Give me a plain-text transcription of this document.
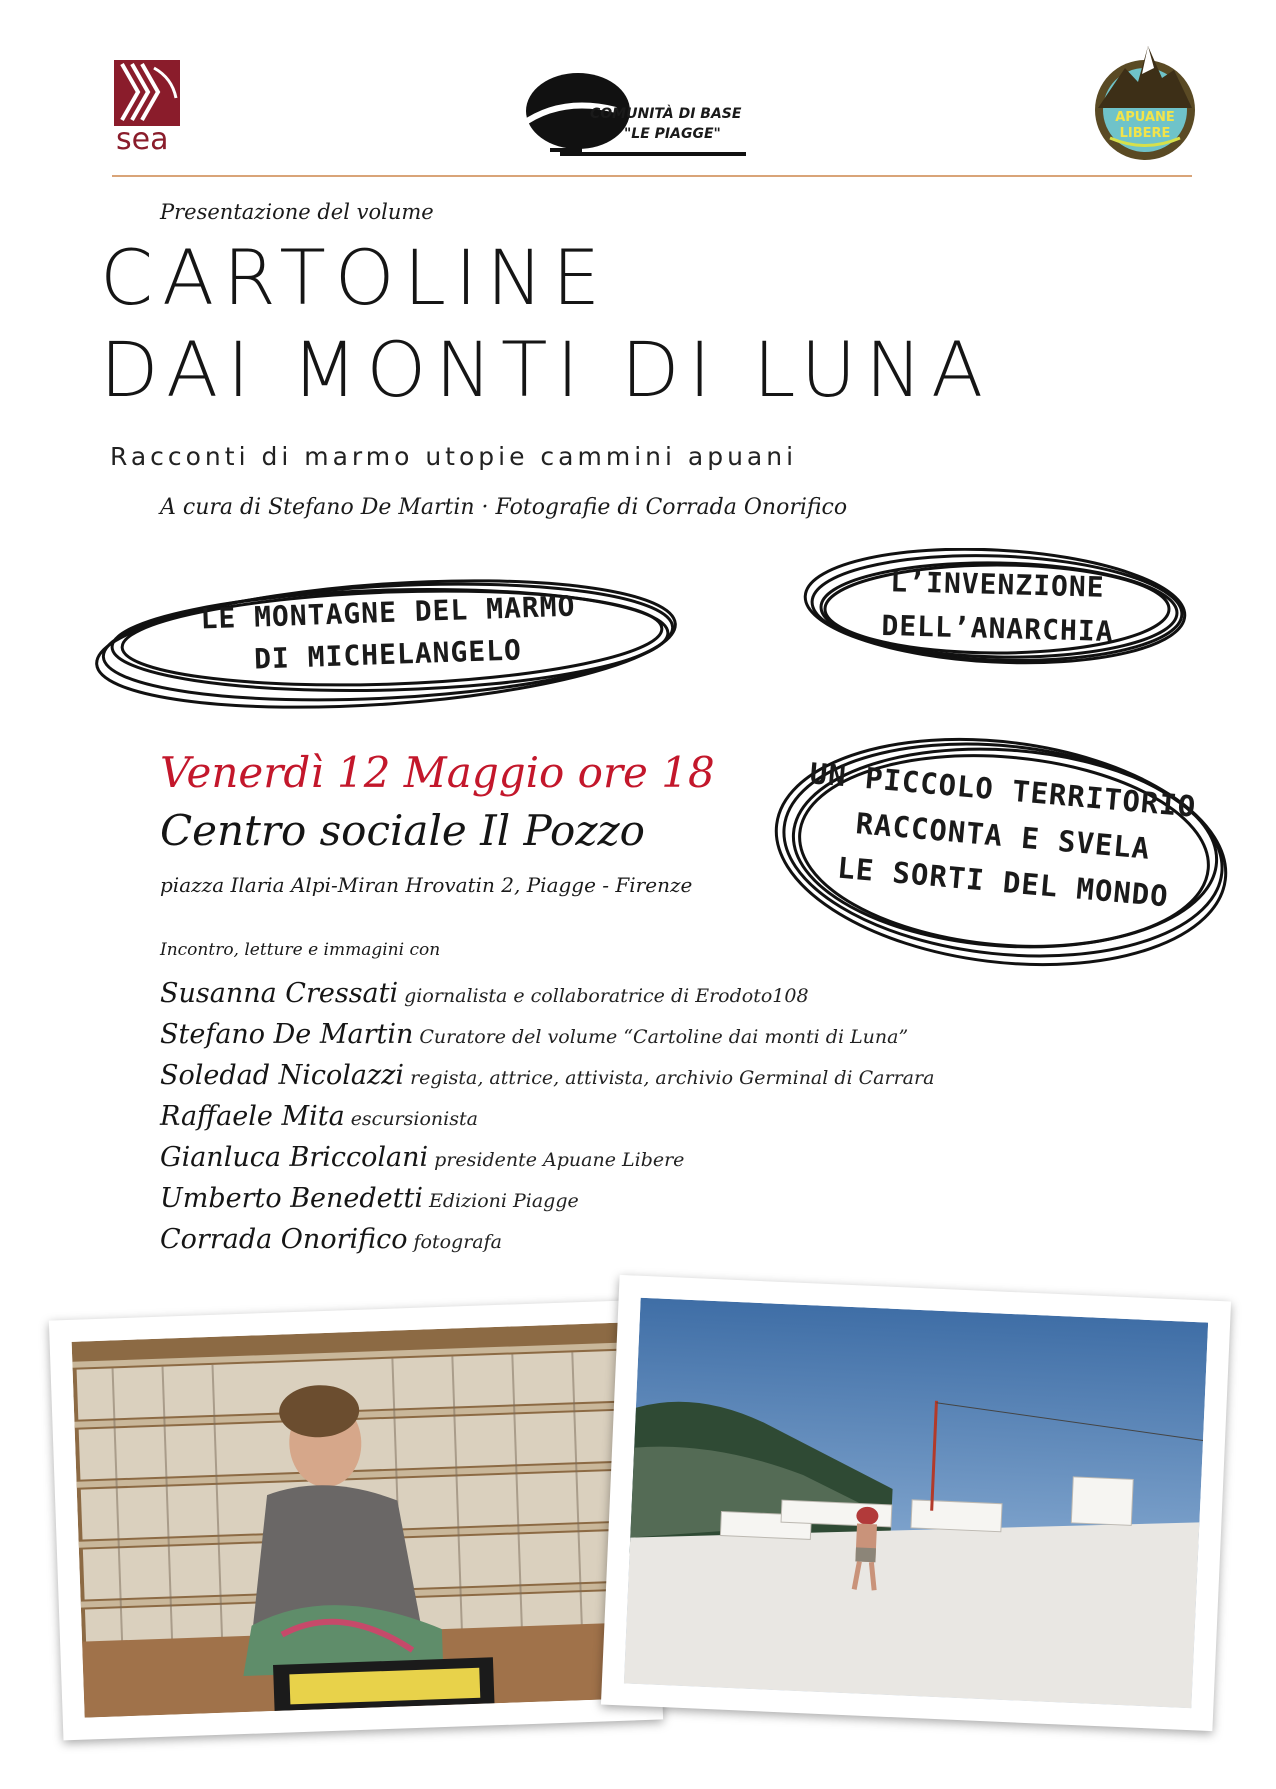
sea
COMUNITÀ DI BASE
"LE PIAGGE"
APUANE
LIBERE
Presentazione del volume
CARTOLINE
DAI MONTI DI LUNA
Racconti di marmo utopie cammini apuani
A cura di Stefano De Martin · Fotografie di Corrada Onorifico
LE MONTAGNE DEL MARMO
DI MICHELANGELO
L’INVENZIONE
DELL’ANARCHIA
UN PICCOLO TERRITORIO
RACCONTA E SVELA
LE SORTI DEL MONDO
Venerdì 12 Maggio ore 18
Centro sociale Il Pozzo
piazza Ilaria Alpi-Miran Hrovatin 2, Piagge - Firenze
Incontro, letture e immagini con
Susanna Cressati giornalista e collaboratrice di Erodoto108
Stefano De Martin Curatore del volume “Cartoline dai monti di Luna”
Soledad Nicolazzi regista, attrice, attivista, archivio Germinal di Carrara
Raffaele Mita escursionista
Gianluca Briccolani presidente Apuane Libere
Umberto Benedetti Edizioni Piagge
Corrada Onorifico fotografa
